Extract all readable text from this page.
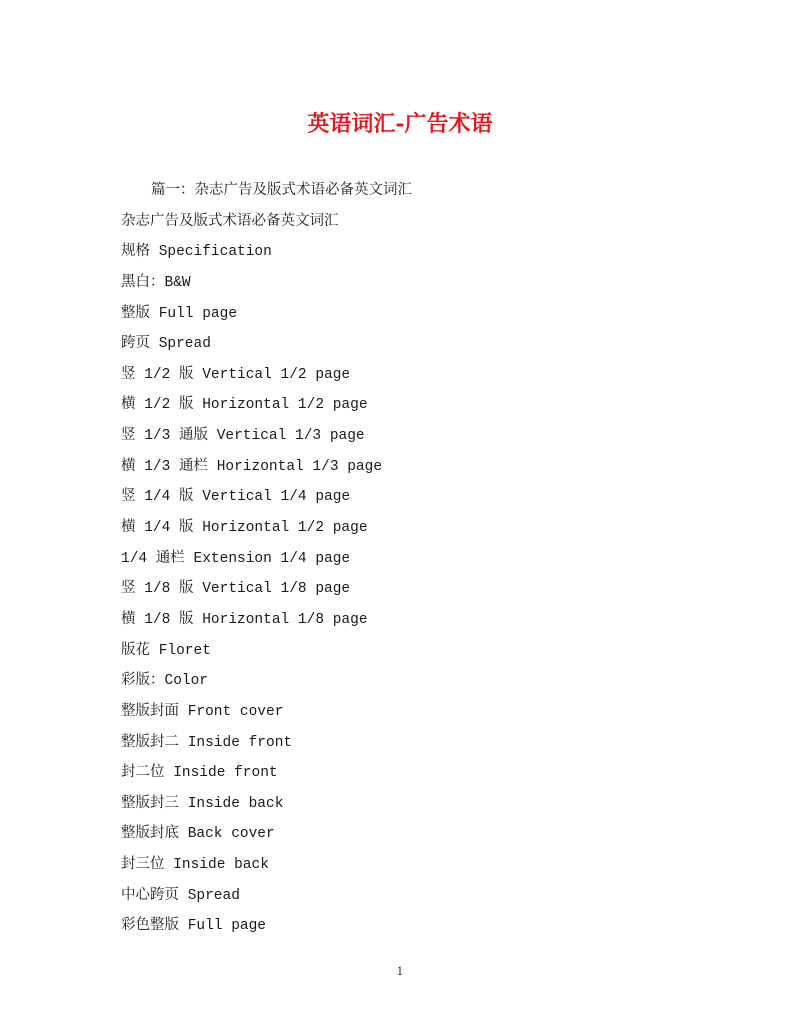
英语词汇-广告术语
篇一：杂志广告及版式术语必备英文词汇
杂志广告及版式术语必备英文词汇
规格 Specification
黑白：B&W
整版 Full page
跨页 Spread
竖 1/2 版 Vertical 1/2 page
横 1/2 版 Horizontal 1/2 page
竖 1/3 通版 Vertical 1/3 page
横 1/3 通栏 Horizontal 1/3 page
竖 1/4 版 Vertical 1/4 page
横 1/4 版 Horizontal 1/2 page
1/4 通栏 Extension 1/4 page
竖 1/8 版 Vertical 1/8 page
横 1/8 版 Horizontal 1/8 page
版花 Floret
彩版：Color
整版封面 Front cover
整版封二 Inside front
封二位 Inside front
整版封三 Inside back
整版封底 Back cover
封三位 Inside back
中心跨页 Spread
彩色整版 Full page
1
